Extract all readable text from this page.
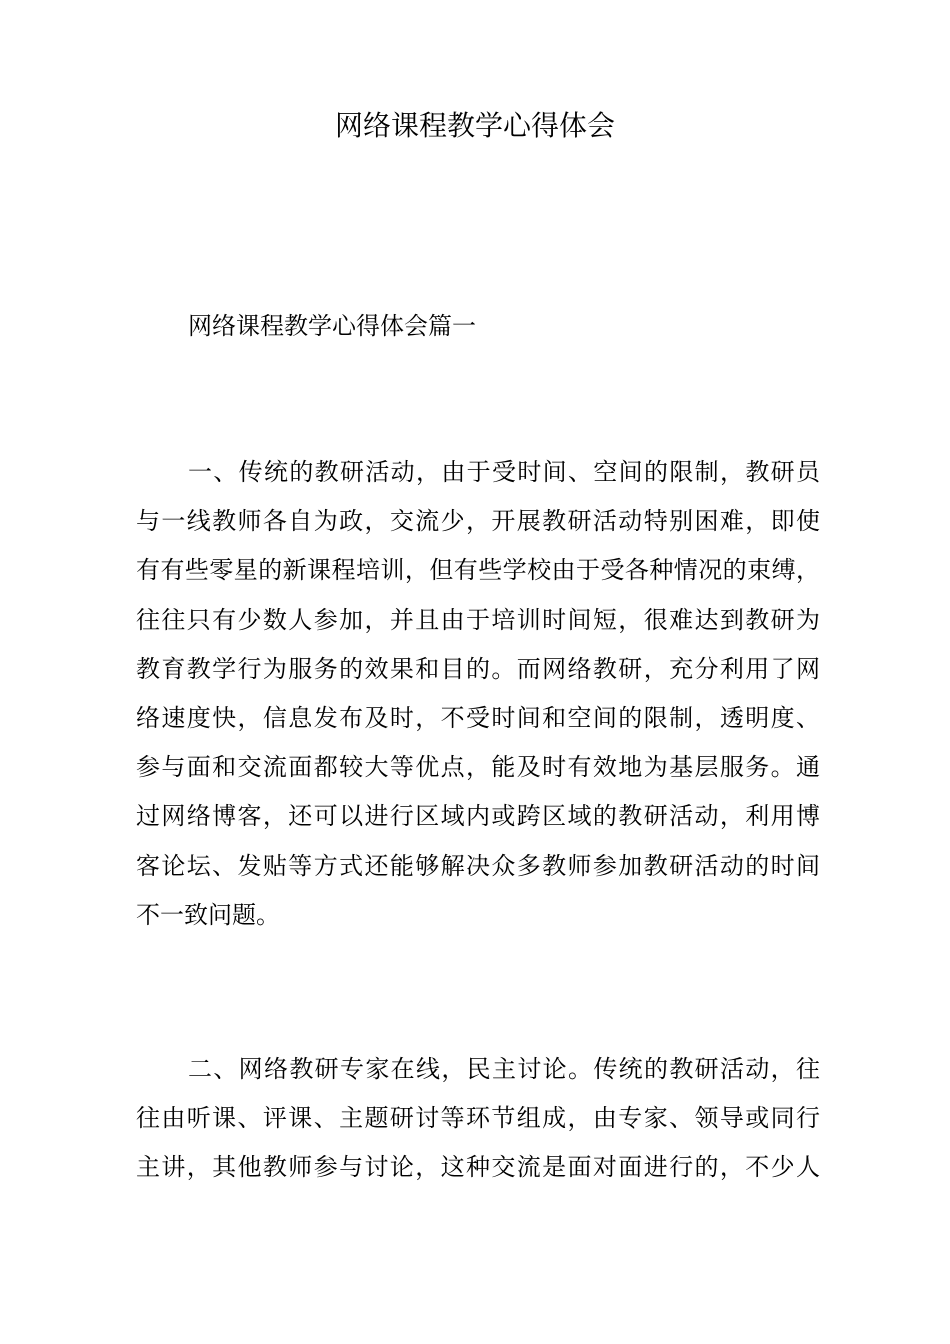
网络课程教学心得体会
网络课程教学心得体会篇一
一、传统的教研活动，由于受时间、空间的限制，教研员
与一线教师各自为政，交流少，开展教研活动特别困难，即使
有有些零星的新课程培训，但有些学校由于受各种情况的束缚，
往往只有少数人参加，并且由于培训时间短，很难达到教研为
教育教学行为服务的效果和目的。而网络教研，充分利用了网
络速度快，信息发布及时，不受时间和空间的限制，透明度、
参与面和交流面都较大等优点，能及时有效地为基层服务。通
过网络博客，还可以进行区域内或跨区域的教研活动，利用博
客论坛、发贴等方式还能够解决众多教师参加教研活动的时间
不一致问题。
二、网络教研专家在线，民主讨论。传统的教研活动，往
往由听课、评课、主题研讨等环节组成，由专家、领导或同行
主讲，其他教师参与讨论，这种交流是面对面进行的，不少人
